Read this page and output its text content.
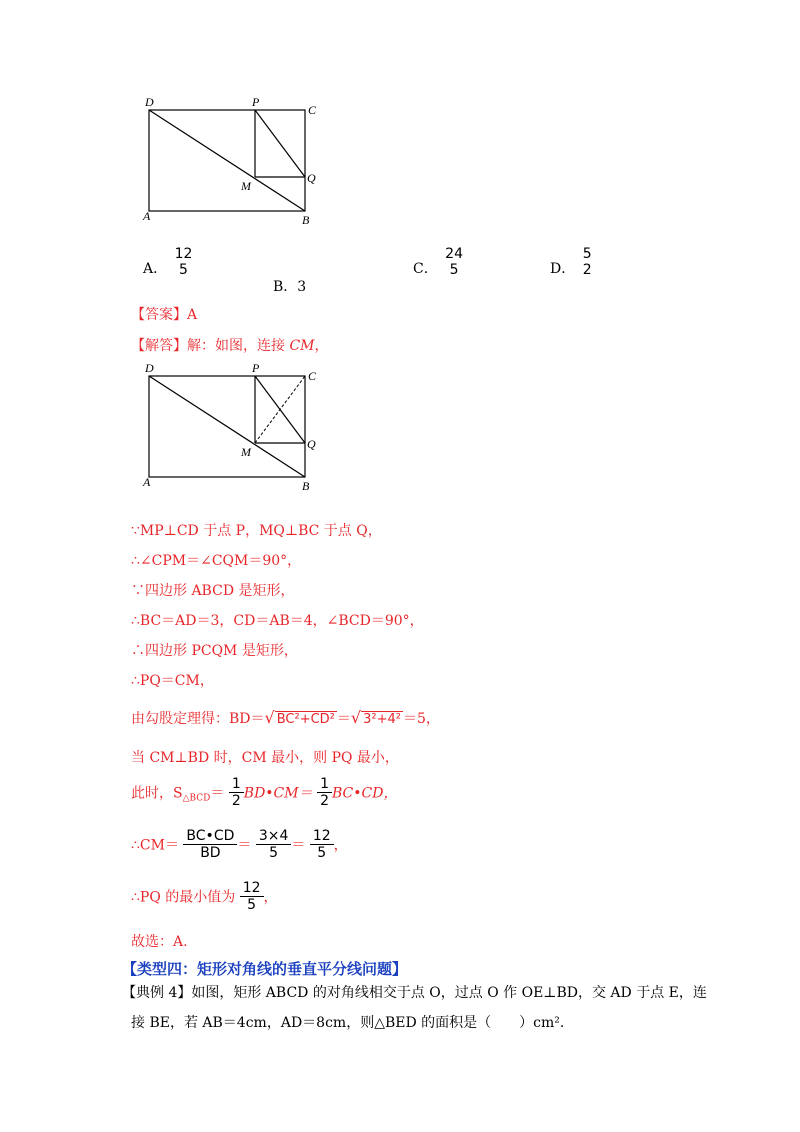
D	P
C
M
Q
A	B
A．
12
5
B．3
C．
24
5	D．
5
2
【答案】A
【解答】解：如图，连接 CM，
D	P
C
M
Q
A	B
∵MP⊥CD 于点 P，MQ⊥BC 于点 Q，
∴∠CPM＝∠CQM＝90°，
∵四边形 ABCD 是矩形，
∴BC＝AD＝3，CD＝AB＝4，∠BCD＝90°，
∴四边形 PCQM 是矩形，
∴PQ＝CM，
由勾股定理得：BD＝√ BC²+CD² ＝√ 3²+4² ＝5，
当 CM⊥BD 时，CM 最小，则 PQ 最小，
此时，$S_{\triangle BCD}= \frac{1}{2}$ BD•CM＝ $\frac{1}{2}$ BC•CD，
∴CM＝ $\frac{BC•CD}{BD} = \frac{3\times 4}{5} = \frac{12}{5}$ ，
∴PQ 的最小值为 $\frac{12}{5}$ ，
故选：A.
【类型四：矩形对角线的垂直平分线问题】
【典例 4】如图，矩形 ABCD 的对角线相交于点 O，过点 O 作 OE⊥BD，交 AD 于点 E，连
接 BE，若 AB＝4cm，AD＝8cm，则△BED 的面积是（　　）cm².
